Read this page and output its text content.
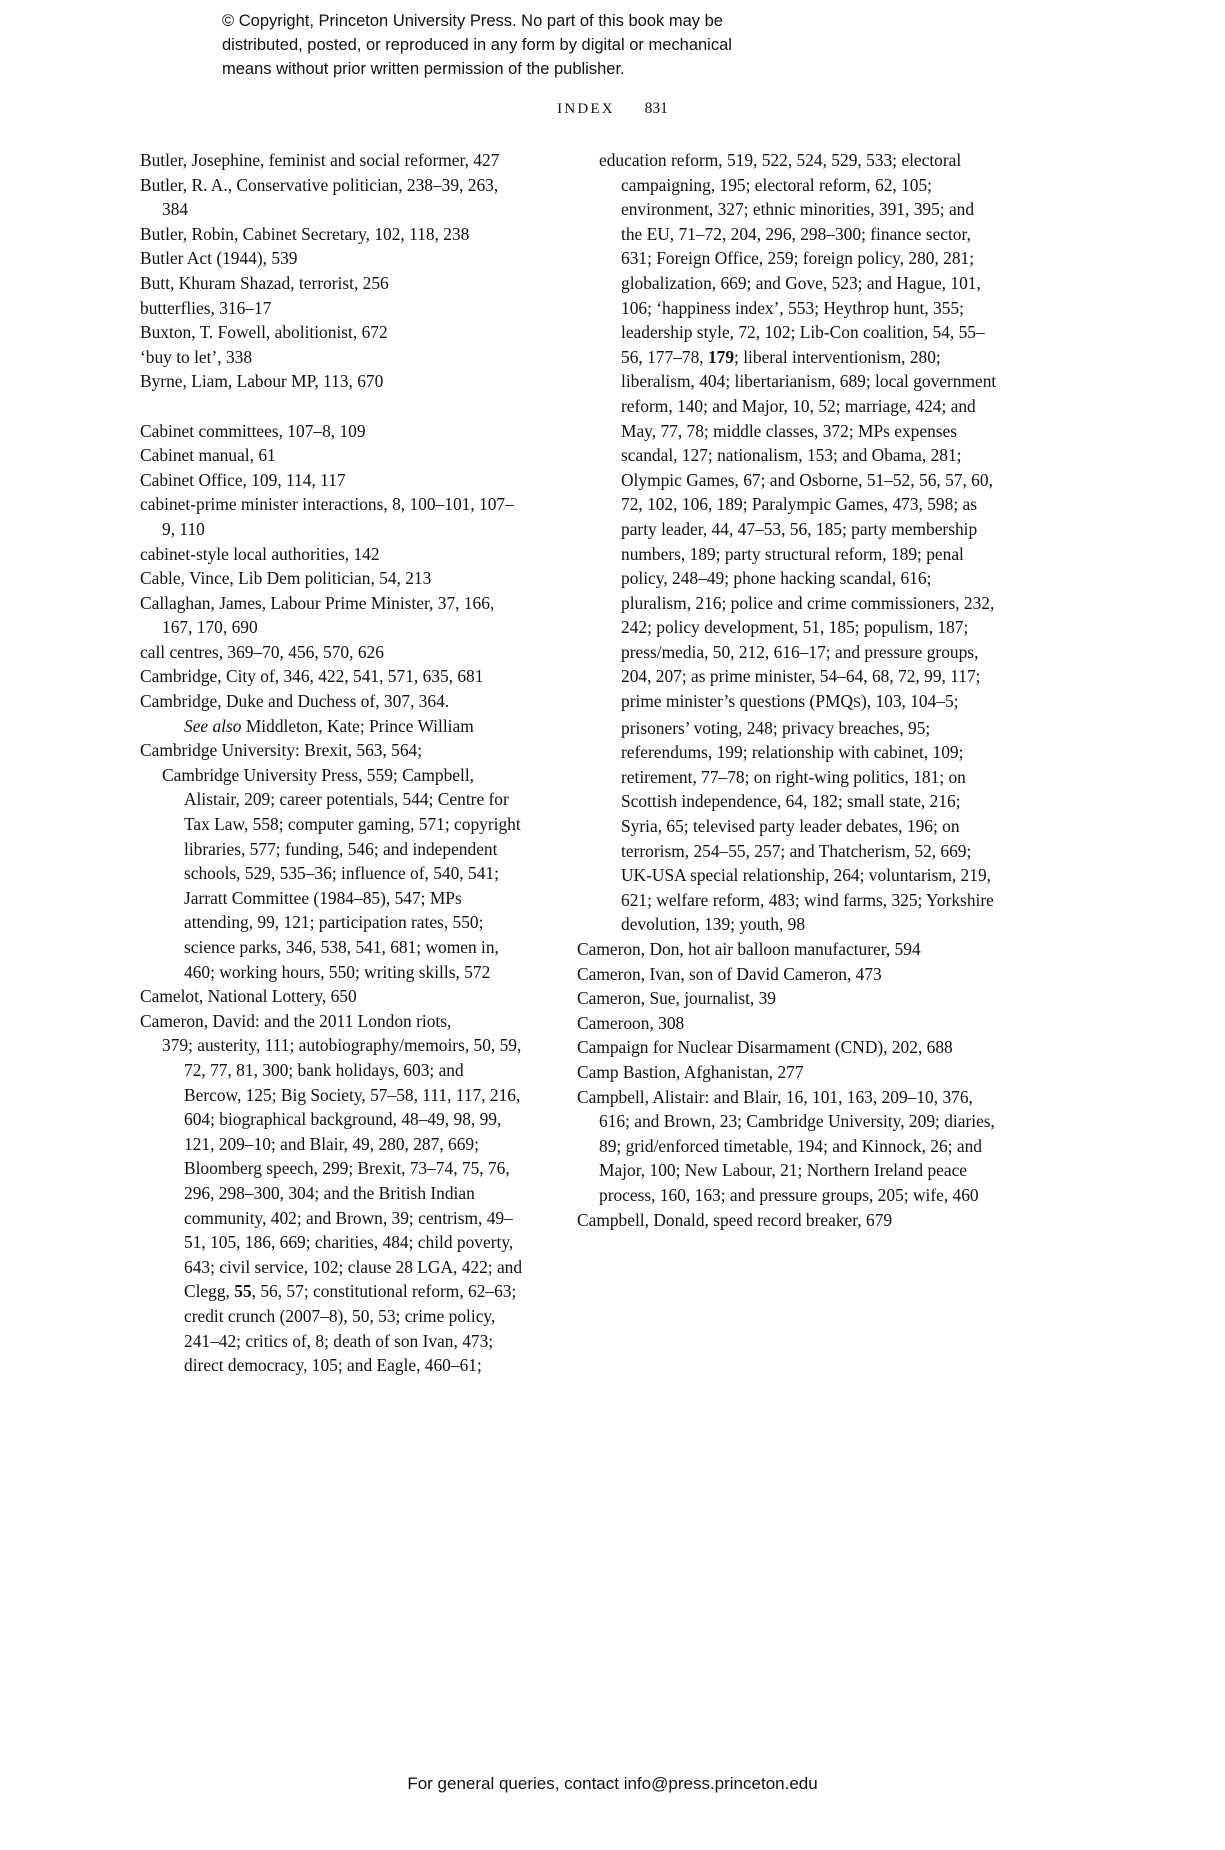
© Copyright, Princeton University Press. No part of this book may be
distributed, posted, or reproduced in any form by digital or mechanical
means without prior written permission of the publisher.
INDEX 831

Butler, Josephine, feminist and social reformer, 427

Butler, R. A., Conservative politician, 238–39, 263, 384

Butler, Robin, Cabinet Secretary, 102, 118, 238

Butler Act (1944), 539

Butt, Khuram Shazad, terrorist, 256

butterflies, 316–17

Buxton, T. Fowell, abolitionist, 672

‘buy to let’, 338

Byrne, Liam, Labour MP, 113, 670

Cabinet committees, 107–8, 109

Cabinet manual, 61

Cabinet Office, 109, 114, 117

cabinet-prime minister interactions, 8, 100–101, 107–9, 110

cabinet-style local authorities, 142

Cable, Vince, Lib Dem politician, 54, 213

Callaghan, James, Labour Prime Minister, 37, 166, 167, 170, 690

call centres, 369–70, 456, 570, 626

Cambridge, City of, 346, 422, 541, 571, 635, 681

Cambridge, Duke and Duchess of, 307, 364.

See also Middleton, Kate; Prince William

Cambridge University: Brexit, 563, 564;

Cambridge University Press, 559; Campbell, Alistair, 209; career potentials, 544; Centre for Tax Law, 558; computer gaming, 571; copyright libraries, 577; funding, 546; and independent schools, 529, 535–36; influence of, 540, 541; Jarratt Committee (1984–85), 547; MPs attending, 99, 121; participation rates, 550; science parks, 346, 538, 541, 681; women in, 460; working hours, 550; writing skills, 572

Camelot, National Lottery, 650

Cameron, David: and the 2011 London riots,

379; austerity, 111; autobiography/memoirs, 50, 59, 72, 77, 81, 300; bank holidays, 603; and Bercow, 125; Big Society, 57–58, 111, 117, 216, 604; biographical background, 48–49, 98, 99, 121, 209–10; and Blair, 49, 280, 287, 669; Bloomberg speech, 299; Brexit, 73–74, 75, 76, 296, 298–300, 304; and the British Indian community, 402; and Brown, 39; centrism, 49–51, 105, 186, 669; charities, 484; child poverty, 643; civil service, 102; clause 28 LGA, 422; and Clegg, 55, 56, 57; constitutional reform, 62–63; credit crunch (2007–8), 50, 53; crime policy, 241–42; critics of, 8; death of son Ivan, 473; direct democracy, 105; and Eagle, 460–61;

education reform, 519, 522, 524, 529, 533; electoral campaigning, 195; electoral reform, 62, 105; environment, 327; ethnic minorities, 391, 395; and the EU, 71–72, 204, 296, 298–300; finance sector, 631; Foreign Office, 259; foreign policy, 280, 281; globalization, 669; and Gove, 523; and Hague, 101, 106; ‘happiness index’, 553; Heythrop hunt, 355; leadership style, 72, 102; Lib-Con coalition, 54, 55–56, 177–78, 179; liberal interventionism, 280; liberalism, 404; libertarianism, 689; local government reform, 140; and Major, 10, 52; marriage, 424; and May, 77, 78; middle classes, 372; MPs expenses scandal, 127; nationalism, 153; and Obama, 281; Olympic Games, 67; and Osborne, 51–52, 56, 57, 60, 72, 102, 106, 189; Paralympic Games, 473, 598; as party leader, 44, 47–53, 56, 185; party membership numbers, 189; party structural reform, 189; penal policy, 248–49; phone hacking scandal, 616; pluralism, 216; police and crime commissioners, 232, 242; policy development, 51, 185; populism, 187; press/media, 50, 212, 616–17; and pressure groups, 204, 207; as prime minister, 54–64, 68, 72, 99, 117; prime minister’s questions (PMQS), 103, 104–5; prisoners’ voting, 248; privacy breaches, 95; referendums, 199; relationship with cabinet, 109; retirement, 77–78; on right-wing politics, 181; on Scottish independence, 64, 182; small state, 216; Syria, 65; televised party leader debates, 196; on terrorism, 254–55, 257; and Thatcherism, 52, 669; UK-USA special relationship, 264; voluntarism, 219, 621; welfare reform, 483; wind farms, 325; Yorkshire devolution, 139; youth, 98

Cameron, Don, hot air balloon manufacturer, 594

Cameron, Ivan, son of David Cameron, 473

Cameron, Sue, journalist, 39

Cameroon, 308

Campaign for Nuclear Disarmament (CND), 202, 688

Camp Bastion, Afghanistan, 277

Campbell, Alistair: and Blair, 16, 101, 163, 209–10, 376, 616; and Brown, 23; Cambridge University, 209; diaries, 89; grid/enforced timetable, 194; and Kinnock, 26; and Major, 100; New Labour, 21; Northern Ireland peace process, 160, 163; and pressure groups, 205; wife, 460

Campbell, Donald, speed record breaker, 679

For general queries, contact info@press.princeton.edu
